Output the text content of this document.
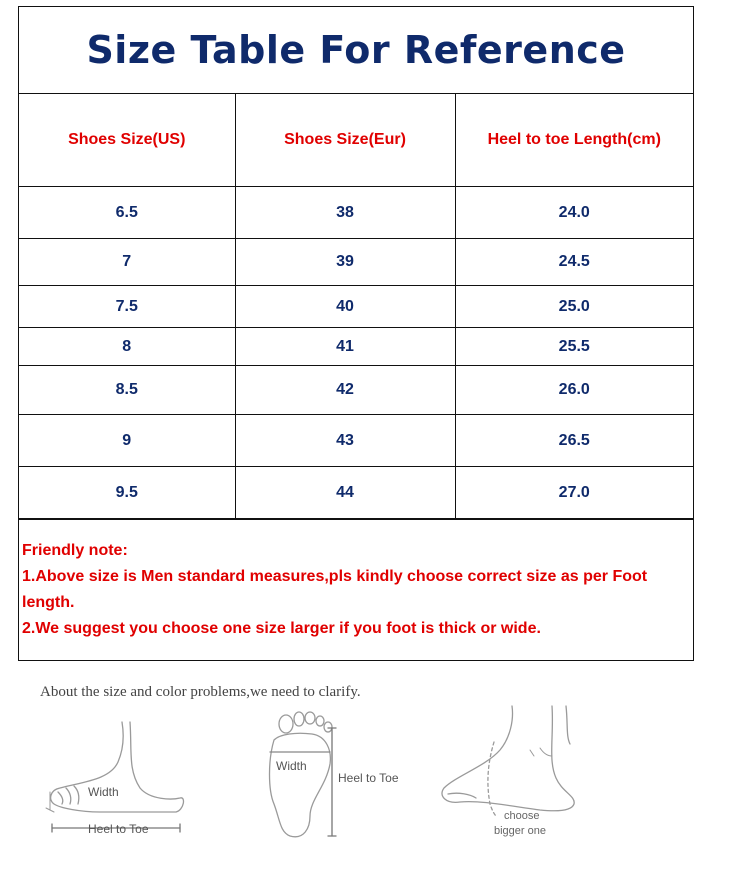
Size Table For Reference
Shoes Size(US)	Shoes Size(Eur)	Heel to toe Length(cm)
6.5	38	24.0
7	39	24.5
7.5	40	25.0
8	41	25.5
8.5	42	26.0
9	43	26.5
9.5	44	27.0
Friendly note:
1.Above size is Men standard measures,pls kindly choose correct size as per Foot length.
2.We suggest you choose one size larger if you foot is thick or wide.
About the size and color problems,we need to clarify.
Width
Heel to Toe
Width
Heel to Toe
choose
bigger one
